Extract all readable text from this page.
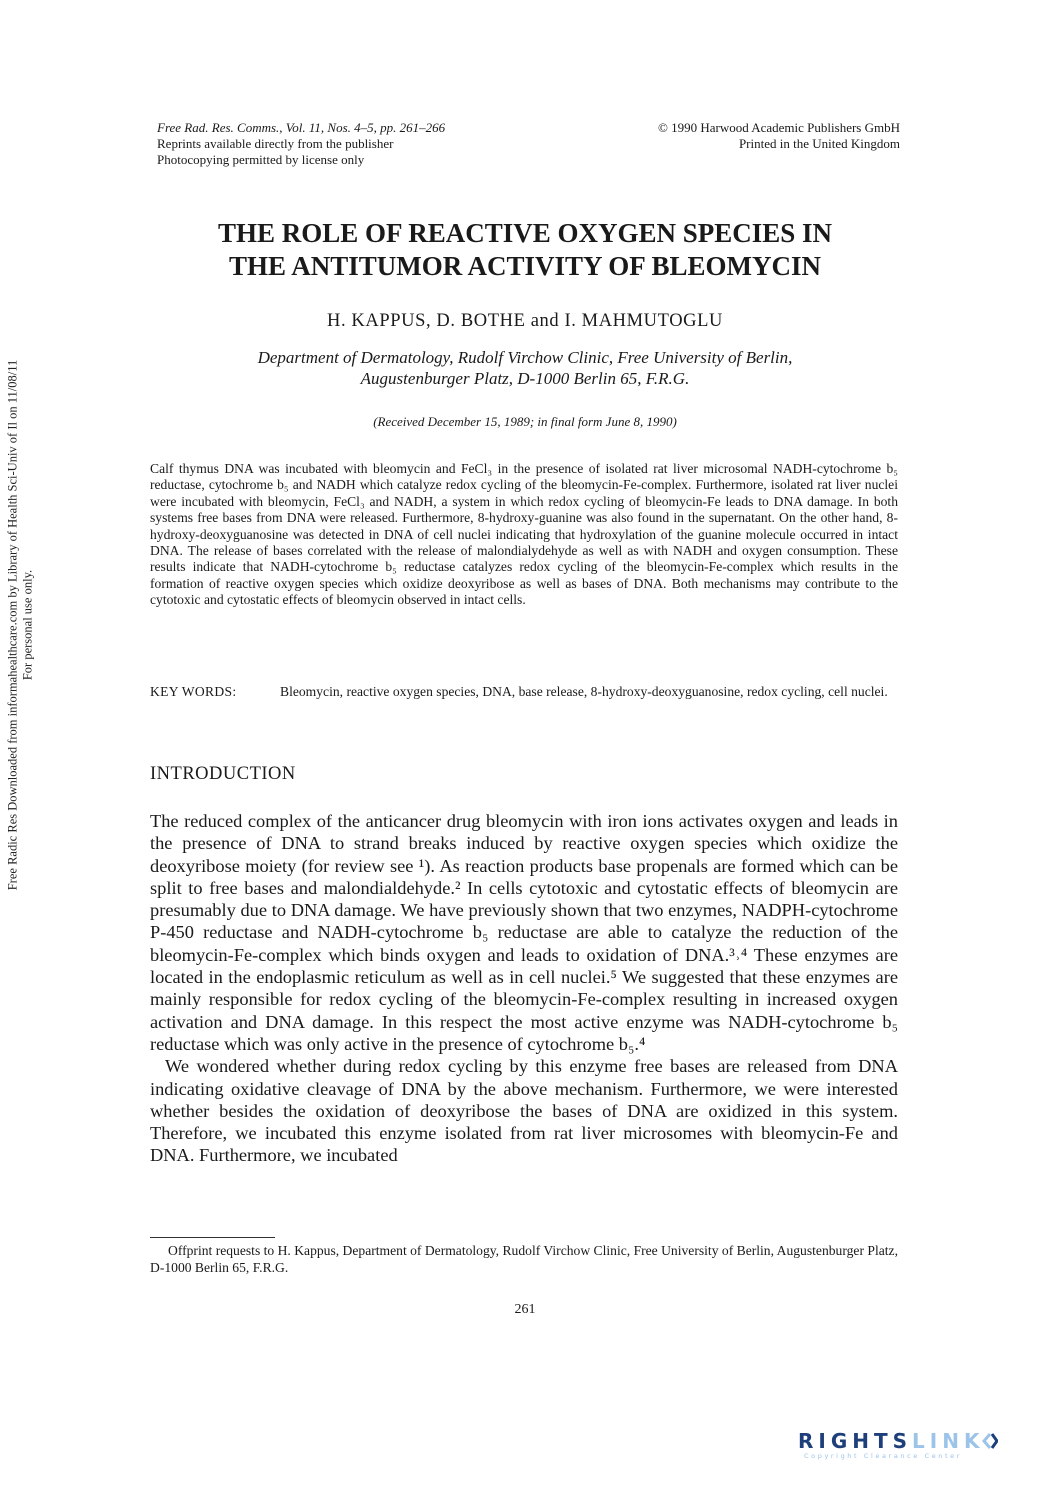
Free Rad. Res. Comms., Vol. 11, Nos. 4–5, pp. 261–266
Reprints available directly from the publisher
Photocopying permitted by license only
© 1990 Harwood Academic Publishers GmbH
Printed in the United Kingdom
Free Radic Res Downloaded from informahealthcare.com by Library of Health Sci-Univ of Il on 11/08/11 For personal use only.
THE ROLE OF REACTIVE OXYGEN SPECIES IN
THE ANTITUMOR ACTIVITY OF BLEOMYCIN
H. KAPPUS, D. BOTHE and I. MAHMUTOGLU
Department of Dermatology, Rudolf Virchow Clinic, Free University of Berlin,
Augustenburger Platz, D-1000 Berlin 65, F.R.G.
(Received December 15, 1989; in final form June 8, 1990)
Calf thymus DNA was incubated with bleomycin and FeCl₃ in the presence of isolated rat liver microsomal NADH-cytochrome b₅ reductase, cytochrome b₅ and NADH which catalyze redox cycling of the bleomycin-Fe-complex. Furthermore, isolated rat liver nuclei were incubated with bleomycin, FeCl₃ and NADH, a system in which redox cycling of bleomycin-Fe leads to DNA damage. In both systems free bases from DNA were released. Furthermore, 8-hydroxy-guanine was also found in the supernatant. On the other hand, 8-hydroxy-deoxyguanosine was detected in DNA of cell nuclei indicating that hydroxylation of the guanine molecule occurred in intact DNA. The release of bases correlated with the release of malondialydehyde as well as with NADH and oxygen consumption. These results indicate that NADH-cytochrome b₅ reductase catalyzes redox cycling of the bleomycin-Fe-complex which results in the formation of reactive oxygen species which oxidize deoxyribose as well as bases of DNA. Both mechanisms may contribute to the cytotoxic and cytostatic effects of bleomycin observed in intact cells.
KEY WORDS:	Bleomycin, reactive oxygen species, DNA, base release, 8-hydroxy-deoxyguanosine, redox cycling, cell nuclei.
INTRODUCTION

The reduced complex of the anticancer drug bleomycin with iron ions activates oxygen and leads in the presence of DNA to strand breaks induced by reactive oxygen species which oxidize the deoxyribose moiety (for review see ¹). As reaction products base propenals are formed which can be split to free bases and malondialdehyde.² In cells cytotoxic and cytostatic effects of bleomycin are presumably due to DNA damage. We have previously shown that two enzymes, NADPH-cytochrome P-450 reductase and NADH-cytochrome b₅ reductase are able to catalyze the reduction of the bleomycin-Fe-complex which binds oxygen and leads to oxidation of DNA.³˒⁴ These enzymes are located in the endoplasmic reticulum as well as in cell nuclei.⁵ We suggested that these enzymes are mainly responsible for redox cycling of the bleomycin-Fe-complex resulting in increased oxygen activation and DNA damage. In this respect the most active enzyme was NADH-cytochrome b₅ reductase which was only active in the presence of cytochrome b₅.⁴

We wondered whether during redox cycling by this enzyme free bases are released from DNA indicating oxidative cleavage of DNA by the above mechanism. Furthermore, we were interested whether besides the oxidation of deoxyribose the bases of DNA are oxidized in this system. Therefore, we incubated this enzyme isolated from rat liver microsomes with bleomycin-Fe and DNA. Furthermore, we incubated

Offprint requests to H. Kappus, Department of Dermatology, Rudolf Virchow Clinic, Free University of Berlin, Augustenburger Platz, D-1000 Berlin 65, F.R.G.
261
RIGHTSLINK
Copyright Clearance Center
